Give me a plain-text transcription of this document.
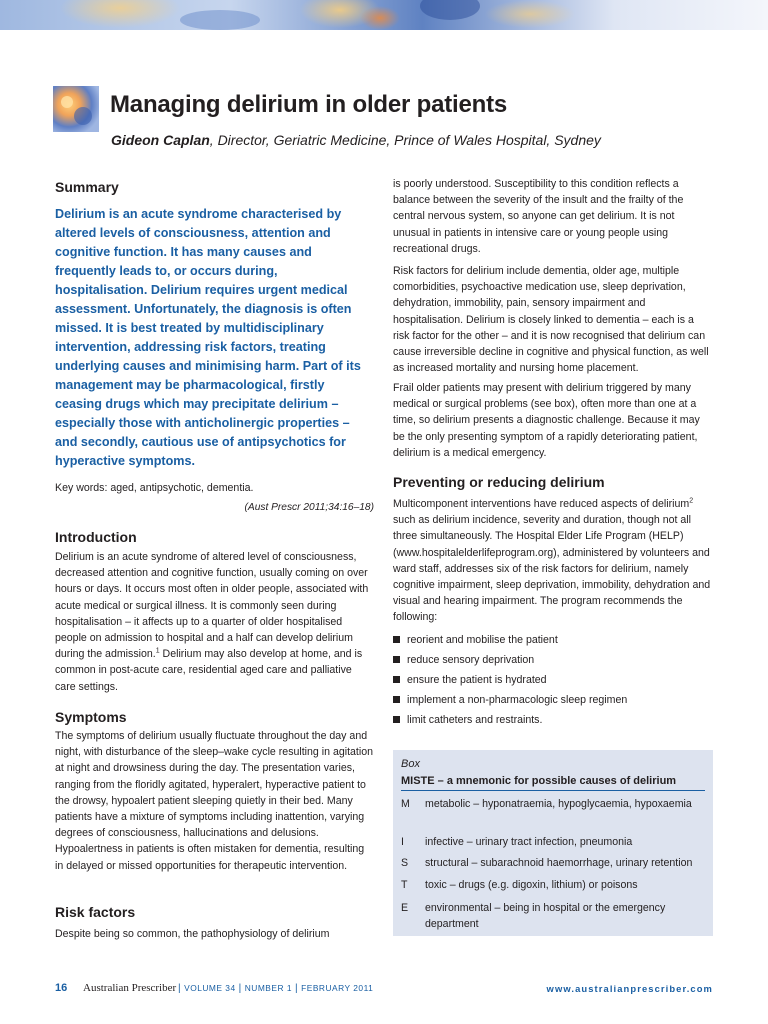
Managing delirium in older patients
Gideon Caplan, Director, Geriatric Medicine, Prince of Wales Hospital, Sydney
Summary

Delirium is an acute syndrome characterised by altered levels of consciousness, attention and cognitive function. It has many causes and frequently leads to, or occurs during, hospitalisation. Delirium requires urgent medical assessment. Unfortunately, the diagnosis is often missed. It is best treated by multidisciplinary intervention, addressing risk factors, treating underlying causes and minimising harm. Part of its management may be pharmacological, firstly ceasing drugs which may precipitate delirium – especially those with anticholinergic properties – and secondly, cautious use of antipsychotics for hyperactive symptoms.

Key words: aged, antipsychotic, dementia.
(Aust Prescr 2011;34:16–18)
Introduction

Delirium is an acute syndrome of altered level of consciousness, decreased attention and cognitive function, usually coming on over hours or days. It occurs most often in older people, associated with acute medical or surgical illness. It is commonly seen during hospitalisation – it affects up to a quarter of older hospitalised people on admission to hospital and a half can develop delirium during the admission.$^1$ Delirium may also develop at home, and is common in post-acute care, residential aged care and palliative care settings.

Symptoms

The symptoms of delirium usually fluctuate throughout the day and night, with disturbance of the sleep–wake cycle resulting in agitation at night and drowsiness during the day. The presentation varies, ranging from the floridly agitated, hyperalert, hyperactive patient to the drowsy, hypoalert patient sleeping quietly in their bed. Many patients have a mixture of symptoms including inattention, varying degrees of consciousness, hallucinations and delusions. Hypoalertness in patients is often mistaken for dementia, resulting in delayed or missed opportunities for therapeutic intervention.

Risk factors

Despite being so common, the pathophysiology of delirium

is poorly understood. Susceptibility to this condition reflects a balance between the severity of the insult and the frailty of the central nervous system, so anyone can get delirium. It is not unusual in patients in intensive care or young people using recreational drugs.

Risk factors for delirium include dementia, older age, multiple comorbidities, psychoactive medication use, sleep deprivation, dehydration, immobility, pain, sensory impairment and hospitalisation. Delirium is closely linked to dementia – each is a risk factor for the other – and it is now recognised that delirium can cause irreversible decline in cognitive and physical function, as well as increased mortality and nursing home placement.

Frail older patients may present with delirium triggered by many medical or surgical problems (see box), often more than one at a time, so delirium presents a diagnostic challenge. Because it may be the only presenting symptom of a rapidly deteriorating patient, delirium is a medical emergency.

Preventing or reducing delirium

Multicomponent interventions have reduced aspects of delirium$^2$ such as delirium incidence, severity and duration, though not all three simultaneously. The Hospital Elder Life Program (HELP) (www.hospitalelderlifeprogram.org), administered by volunteers and ward staff, addresses six of the risk factors for delirium, namely cognitive impairment, sleep deprivation, immobility, dehydration and visual and hearing impairment. The program recommends the following:

reorient and mobilise the patient
reduce sensory deprivation
ensure the patient is hydrated
implement a non-pharmacologic sleep regimen
limit catheters and restraints.
Box
MISTE – a mnemonic for possible causes of delirium
M	metabolic – hyponatraemia, hypoglycaemia, hypoxaemia
I	infective – urinary tract infection, pneumonia
S	structural – subarachnoid haemorrhage, urinary retention
T	toxic – drugs (e.g. digoxin, lithium) or poisons
E	environmental – being in hospital or the emergency department
16 Australian Prescriber | VOLUME 34 | NUMBER 1 | FEBRUARY 2011	www.australianprescriber.com
